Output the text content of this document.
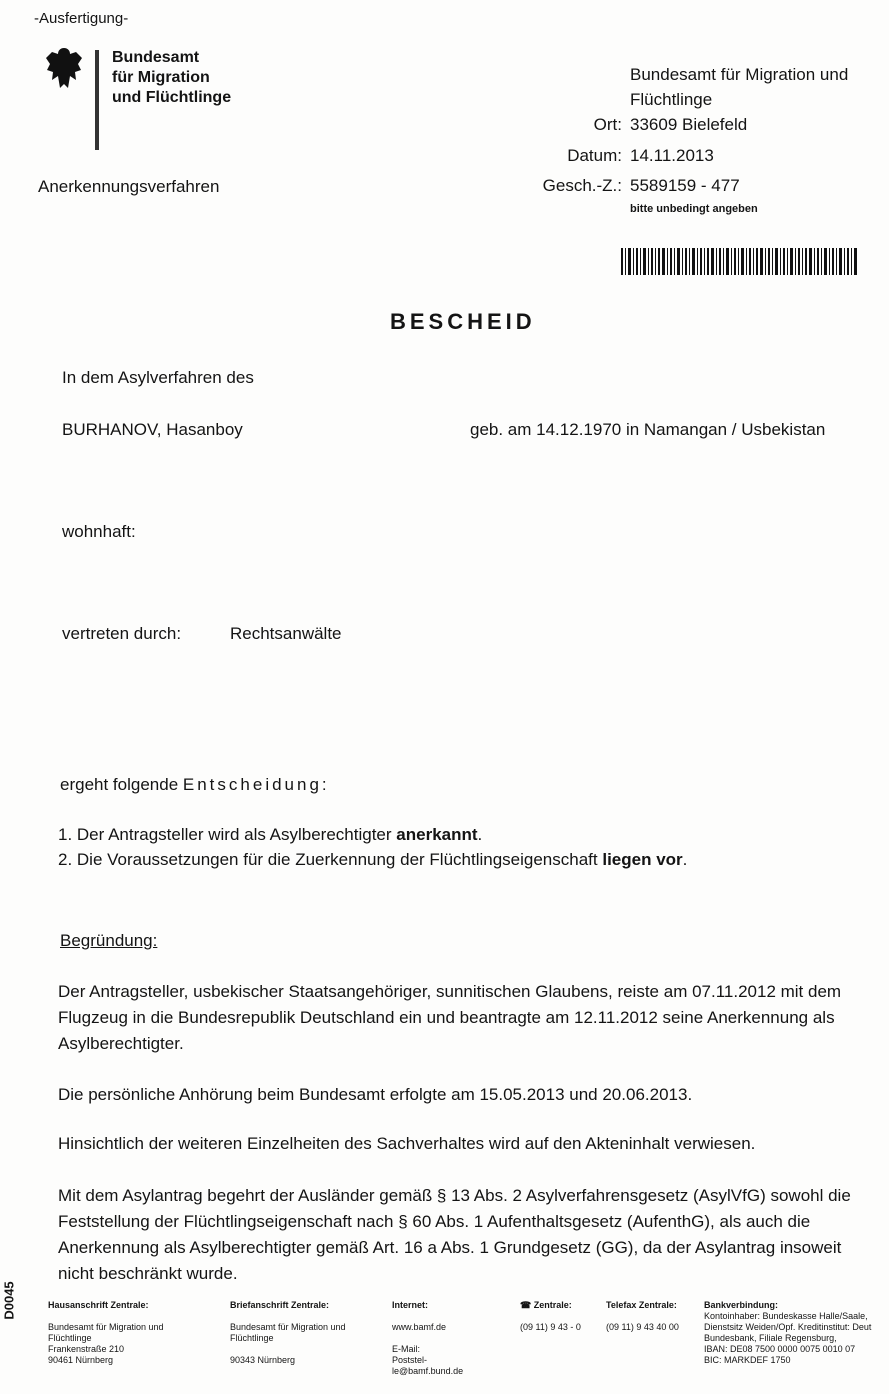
-Ausfertigung-
Bundesamt
für Migration
und Flüchtlinge
Anerkennungsverfahren
Bundesamt für Migration und
Flüchtlinge
Ort: 33609 Bielefeld
Datum: 14.11.2013
Gesch.-Z.: 5589159 - 477
bitte unbedingt angeben
BESCHEID
In dem Asylverfahren des
BURHANOV, Hasanboy	geb. am 14.12.1970 in Namangan / Usbekistan
wohnhaft:
vertreten durch:	Rechtsanwälte
ergeht folgende Entscheidung:
1. Der Antragsteller wird als Asylberechtigter anerkannt.
2. Die Voraussetzungen für die Zuerkennung der Flüchtlingseigenschaft liegen vor.
Begründung:
Der Antragsteller, usbekischer Staatsangehöriger, sunnitischen Glaubens, reiste am 07.11.2012 mit dem Flugzeug in die Bundesrepublik Deutschland ein und beantragte am 12.11.2012 seine Anerkennung als Asylberechtigter.
Die persönliche Anhörung beim Bundesamt erfolgte am 15.05.2013 und 20.06.2013.
Hinsichtlich der weiteren Einzelheiten des Sachverhaltes wird auf den Akteninhalt verwiesen.
Mit dem Asylantrag begehrt der Ausländer gemäß § 13 Abs. 2 Asylverfahrensgesetz (AsylVfG) sowohl die Feststellung der Flüchtlingseigenschaft nach § 60 Abs. 1 Aufenthaltsgesetz (AufenthG), als auch die Anerkennung als Asylberechtigter gemäß Art. 16 a Abs. 1 Grundgesetz (GG), da der Asylantrag insoweit nicht beschränkt wurde.
D0045	Hausanschrift Zentrale:
Bundesamt für Migration und
Flüchtlinge
Frankenstraße 210
90461 Nürnberg
Briefanschrift Zentrale:
Bundesamt für Migration und
Flüchtlinge
90343 Nürnberg
Internet:
www.bamf.de
E-Mail:
Poststel-
le@bamf.bund.de
☎ Zentrale:
(09 11) 9 43 - 0
Telefax Zentrale:
(09 11) 9 43 40 00
Bankverbindung:
Kontoinhaber: Bundeskasse Halle/Saale,
Dienstsitz Weiden/Opf. Kreditinstitut: Deut
Bundesbank, Filiale Regensburg,
IBAN: DE08 7500 0000 0075 0010 07
BIC: MARKDEF 1750
